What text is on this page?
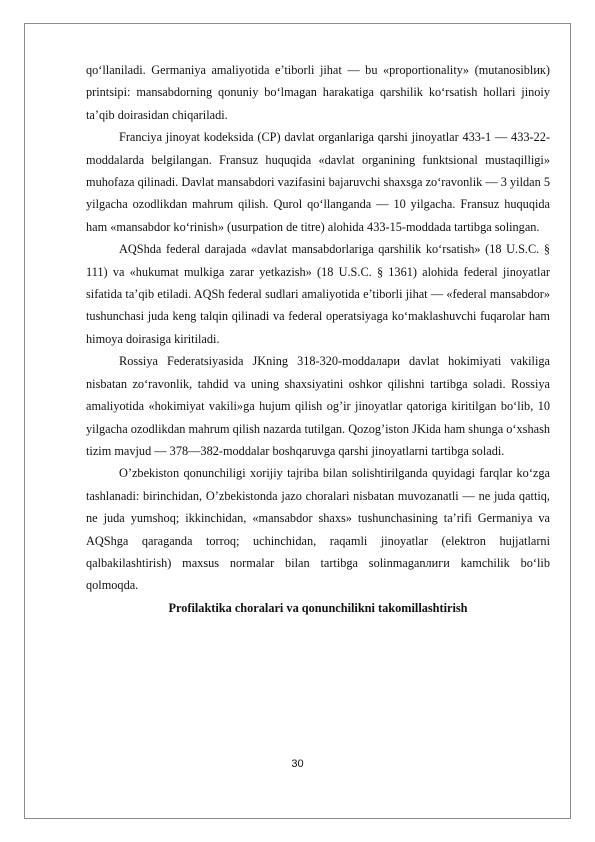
qo‘llaniladi. Germaniya amaliyotida e’tiborli jihat — bu «proportionality» (mutanosiblик) printsipi: mansabdorning qonuniy bo‘lmagan harakatiga qarshilik ko‘rsatish hollari jinoiy ta’qib doirasidan chiqariladi.

Franciya jinoyat kodeksida (CP) davlat organlariga qarshi jinoyatlar 433-1 — 433-22-moddalarda belgilangan. Fransuz huquqida «davlat organining funktsional mustaqilligi» muhofaza qilinadi. Davlat mansabdori vazifasini bajaruvchi shaxsga zo‘ravonlik — 3 yildan 5 yilgacha ozodlikdan mahrum qilish. Qurol qo‘llanganda — 10 yilgacha. Fransuz huquqida ham «mansabdor ko‘rinish» (usurpation de titre) alohida 433-15-moddada tartibga solingan.

AQShda federal darajada «davlat mansabdorlariga qarshilik ko‘rsatish» (18 U.S.C. § 111) va «hukumat mulkiga zarar yetkazish» (18 U.S.C. § 1361) alohida federal jinoyatlar sifatida ta’qib etiladi. AQSh federal sudlari amaliyotida e’tiborli jihat — «federal mansabdor» tushunchasi juda keng talqin qilinadi va federal operatsiyaga ko‘maklashuvchi fuqarolar ham himoya doirasiga kiritiladi.

Rossiya Federatsiyasida JKning 318-320-moddaлари davlat hokimiyati vakiliga nisbatan zo‘ravonlik, tahdid va uning shaxsiyatini oshkor qilishni tartibga soladi. Rossiya amaliyotida «hokimiyat vakili»ga hujum qilish og’ir jinoyatlar qatoriga kiritilgan bo‘lib, 10 yilgacha ozodlikdan mahrum qilish nazarda tutilgan. Qozog’iston JKida ham shunga o‘xshash tizim mavjud — 378—382-moddalar boshqaruvga qarshi jinoyatlarni tartibga soladi.

O’zbekiston qonunchiligi xorijiy tajriba bilan solishtirilganda quyidagi farqlar ko‘zga tashlanadi: birinchidan, O’zbekistonda jazo choralari nisbatan muvozanatli — ne juda qattiq, ne juda yumshoq; ikkinchidan, «mansabdor shaxs» tushunchasining ta’rifi Germaniya va AQShga qaraganda torroq; uchinchidan, raqamli jinoyatlar (elektron hujjatlarni qalbakilashtirish) maxsus normalar bilan tartibga solinmaganлиги kamchilik bo‘lib qolmoqda.

Profilaktika choralari va qonunchilikni takomillashtirish

30
